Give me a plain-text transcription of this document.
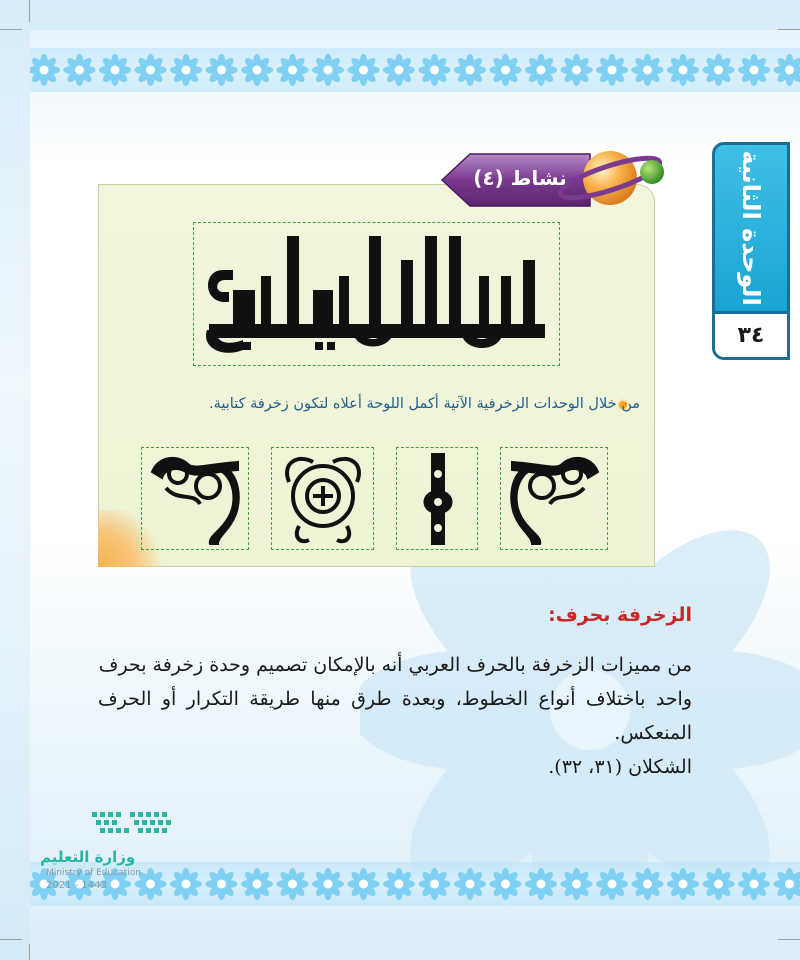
الوحدة الثانية
٣٤
نشاط (٤)
من خلال الوحدات الزخرفية الآتية أكمل اللوحة أعلاه لتكون زخرفة كتابية.
الزخرفة بحرف:

من مميزات الزخرفة بالحرف العربي أنه بالإمكان تصميم وحدة زخرفة بحرف

واحد باختلاف أنواع الخطوط، وبعدة طرق منها طريقة التكرار أو الحرف المنعكس.

الشكلان (٣١، ٣٢).

وزارة التعليم
Ministry of Education
2021 - 1443
